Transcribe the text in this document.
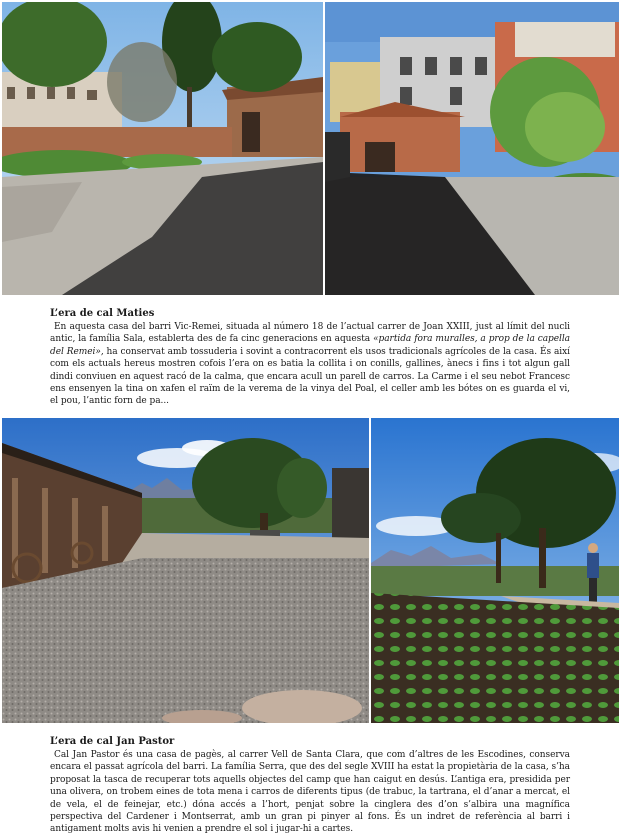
L’era de cal Maties

En aquesta casa del barri Vic-Remei, situada al número 18 de l’actual carrer de Joan XXIII, just al límit del nucli antic, la família Sala, establerta des de fa cinc generacions en aquesta «partida fora muralles, a prop de la capella del Remei», ha conservat amb tossuderia i sovint a contracorrent els usos tradicionals agrícoles de la casa. És així com els actuals hereus mostren cofois l’era on es batia la collita i on conills, gallines, ànecs i fins i tot algun gall dindi conviuen en aquest racó de la calma, que encara acull un parell de carros. La Carme i el seu nebot Francesc ens ensenyen la tina on xafen el raïm de la verema de la vinya del Poal, el celler amb les bótes on es guarda el vi, el pou, l’antic forn de pa...

L’era de cal Jan Pastor

Cal Jan Pastor és una casa de pagès, al carrer Vell de Santa Clara, que com d’altres de les Escodines, conserva encara el passat agrícola del barri. La família Serra, que des del segle XVIII ha estat la propietària de la casa, s’ha proposat la tasca de recuperar tots aquells objectes del camp que han caigut en desús. L’antiga era, presidida per una olivera, on trobem eines de tota mena i carros de diferents tipus (de trabuc, la tartrana, el d’anar a mercat, el de vela, el de feinejar, etc.) dóna accés a l’hort, penjat sobre la cinglera des d’on s’albira una magnífica perspectiva del Cardener i Montserrat, amb un gran pi pinyer al fons. És un indret de referència al barri i antigament molts avis hi venien a prendre el sol i jugar-hi a cartes.
